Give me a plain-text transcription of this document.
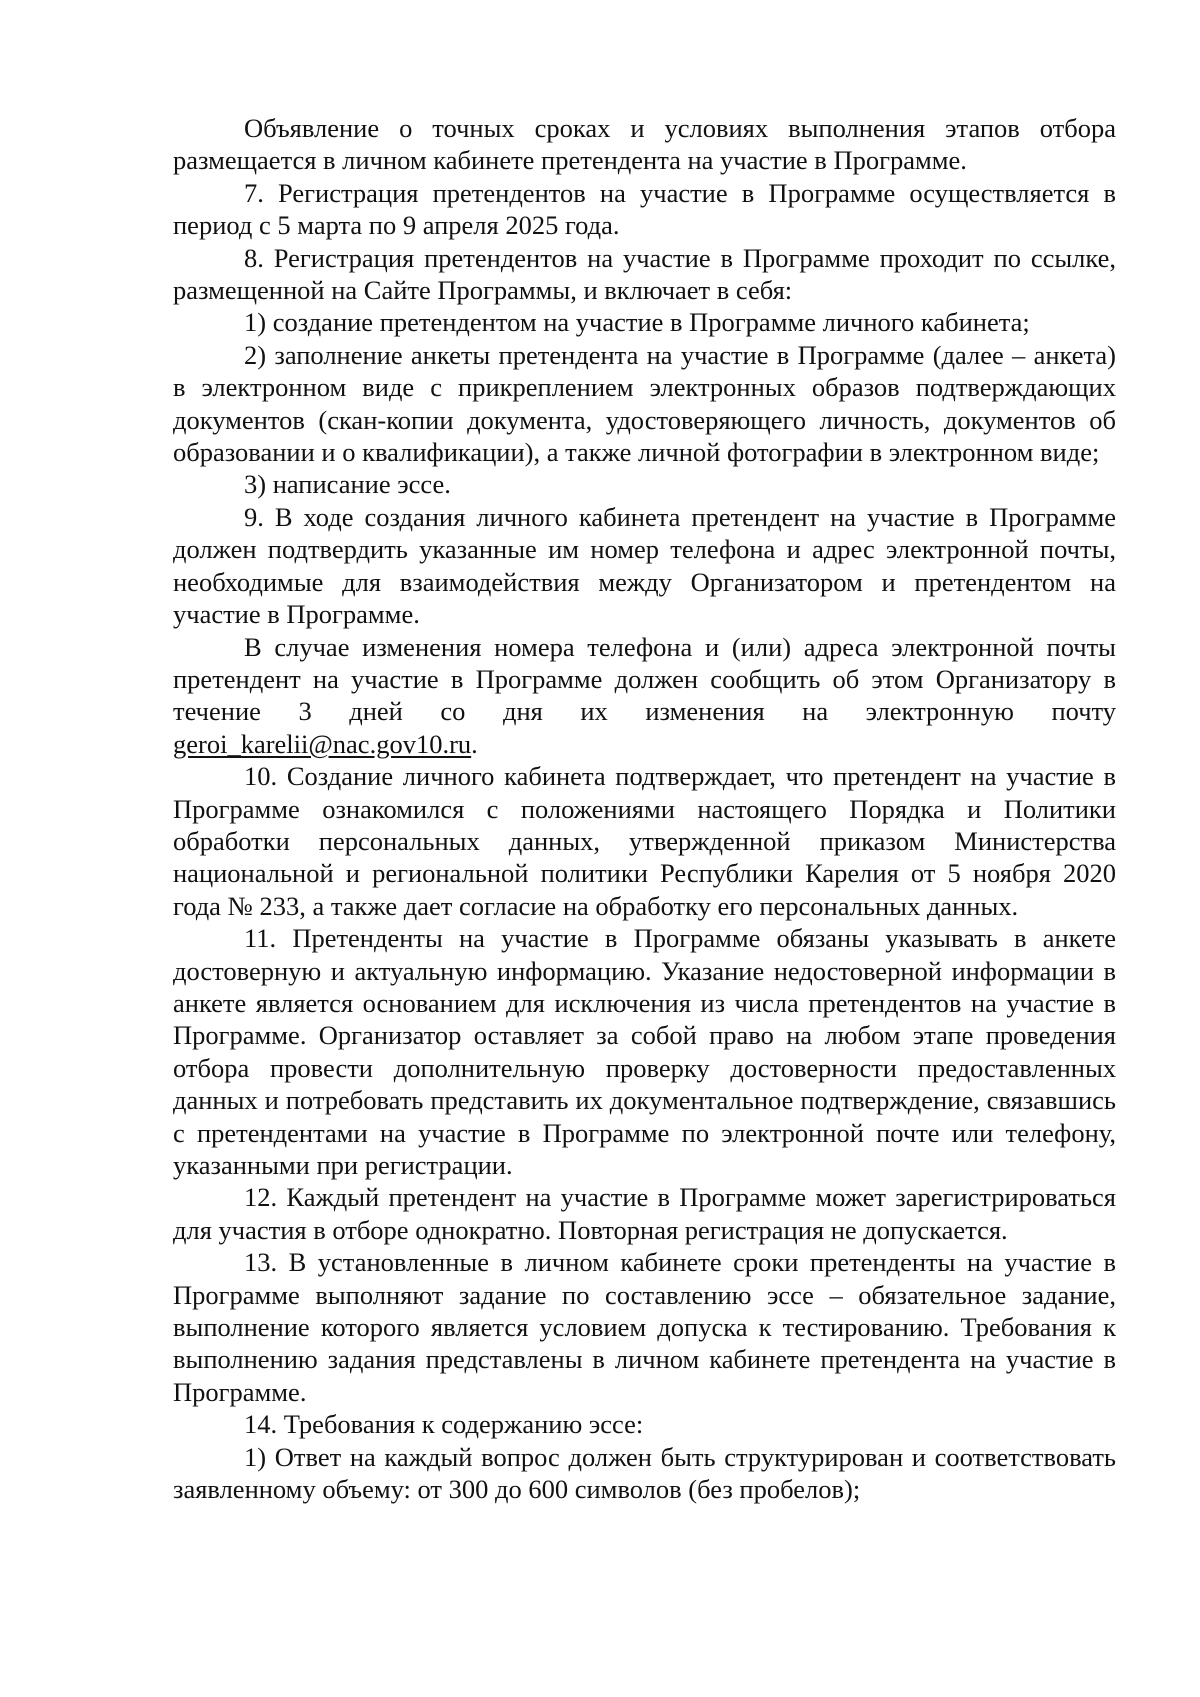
Объявление о точных сроках и условиях выполнения этапов отбора размещается в личном кабинете претендента на участие в Программе.

7. Регистрация претендентов на участие в Программе осуществляется в период с 5 марта по 9 апреля 2025 года.

8. Регистрация претендентов на участие в Программе проходит по ссылке, размещенной на Сайте Программы, и включает в себя:

1) создание претендентом на участие в Программе личного кабинета;

2) заполнение анкеты претендента на участие в Программе (далее – анкета) в электронном виде с прикреплением электронных образов подтверждающих документов (скан-копии документа, удостоверяющего личность, документов об образовании и о квалификации), а также личной фотографии в электронном виде;

3) написание эссе.

9. В ходе создания личного кабинета претендент на участие в Программе должен подтвердить указанные им номер телефона и адрес электронной почты, необходимые для взаимодействия между Организатором и претендентом на участие в Программе.

В случае изменения номера телефона и (или) адреса электронной почты претендент на участие в Программе должен сообщить об этом Организатору в течение 3 дней со дня их изменения на электронную почту geroi_karelii@nac.gov10.ru.

10. Создание личного кабинета подтверждает, что претендент на участие в Программе ознакомился с положениями настоящего Порядка и Политики обработки персональных данных, утвержденной приказом Министерства национальной и региональной политики Республики Карелия от 5 ноября 2020 года № 233, а также дает согласие на обработку его персональных данных.

11. Претенденты на участие в Программе обязаны указывать в анкете достоверную и актуальную информацию. Указание недостоверной информации в анкете является основанием для исключения из числа претендентов на участие в Программе. Организатор оставляет за собой право на любом этапе проведения отбора провести дополнительную проверку достоверности предоставленных данных и потребовать представить их документальное подтверждение, связавшись с претендентами на участие в Программе по электронной почте или телефону, указанными при регистрации.

12. Каждый претендент на участие в Программе может зарегистрироваться для участия в отборе однократно. Повторная регистрация не допускается.

13. В установленные в личном кабинете сроки претенденты на участие в Программе выполняют задание по составлению эссе – обязательное задание, выполнение которого является условием допуска к тестированию. Требования к выполнению задания представлены в личном кабинете претендента на участие в Программе.

14. Требования к содержанию эссе:

1) Ответ на каждый вопрос должен быть структурирован и соответствовать заявленному объему: от 300 до 600 символов (без пробелов);
